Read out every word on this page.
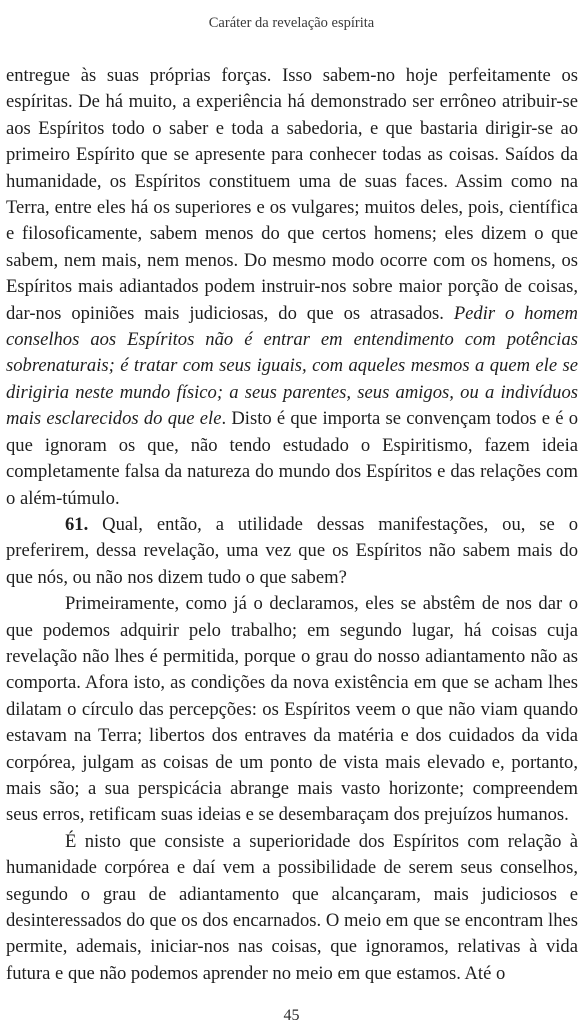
Caráter da revelação espírita

entregue às suas próprias forças. Isso sabem-no hoje perfeitamente os espíritas. De há muito, a experiência há demonstrado ser errôneo atribuir-se aos Espíritos todo o saber e toda a sabedoria, e que bastaria dirigir-se ao primeiro Espírito que se apresente para conhecer todas as coisas. Saídos da humanidade, os Espíritos constituem uma de suas faces. Assim como na Terra, entre eles há os superiores e os vulgares; muitos deles, pois, científica e filosoficamente, sabem menos do que certos homens; eles dizem o que sabem, nem mais, nem menos. Do mesmo modo ocorre com os homens, os Espíritos mais adiantados podem instruir-nos sobre maior porção de coisas, dar-nos opiniões mais judiciosas, do que os atrasados. Pedir o homem conselhos aos Espíritos não é entrar em entendimento com potências sobrenaturais; é tratar com seus iguais, com aqueles mesmos a quem ele se dirigiria neste mundo físico; a seus parentes, seus amigos, ou a indivíduos mais esclarecidos do que ele. Disto é que importa se convençam todos e é o que ignoram os que, não tendo estudado o Espiritismo, fazem ideia completamente falsa da natureza do mundo dos Espíritos e das relações com o além-túmulo.

61. Qual, então, a utilidade dessas manifestações, ou, se o preferirem, dessa revelação, uma vez que os Espíritos não sabem mais do que nós, ou não nos dizem tudo o que sabem?

Primeiramente, como já o declaramos, eles se abstêm de nos dar o que podemos adquirir pelo trabalho; em segundo lugar, há coisas cuja revelação não lhes é permitida, porque o grau do nosso adiantamento não as comporta. Afora isto, as condições da nova existência em que se acham lhes dilatam o círculo das percepções: os Espíritos veem o que não viam quando estavam na Terra; libertos dos entraves da matéria e dos cuidados da vida corpórea, julgam as coisas de um ponto de vista mais elevado e, portanto, mais são; a sua perspicácia abrange mais vasto horizonte; compreendem seus erros, retificam suas ideias e se desembaraçam dos prejuízos humanos.

É nisto que consiste a superioridade dos Espíritos com relação à humanidade corpórea e daí vem a possibilidade de serem seus conselhos, segundo o grau de adiantamento que alcançaram, mais judiciosos e desinteressados do que os dos encarnados. O meio em que se encontram lhes permite, ademais, iniciar-nos nas coisas, que ignoramos, relativas à vida futura e que não podemos aprender no meio em que estamos. Até o

45
